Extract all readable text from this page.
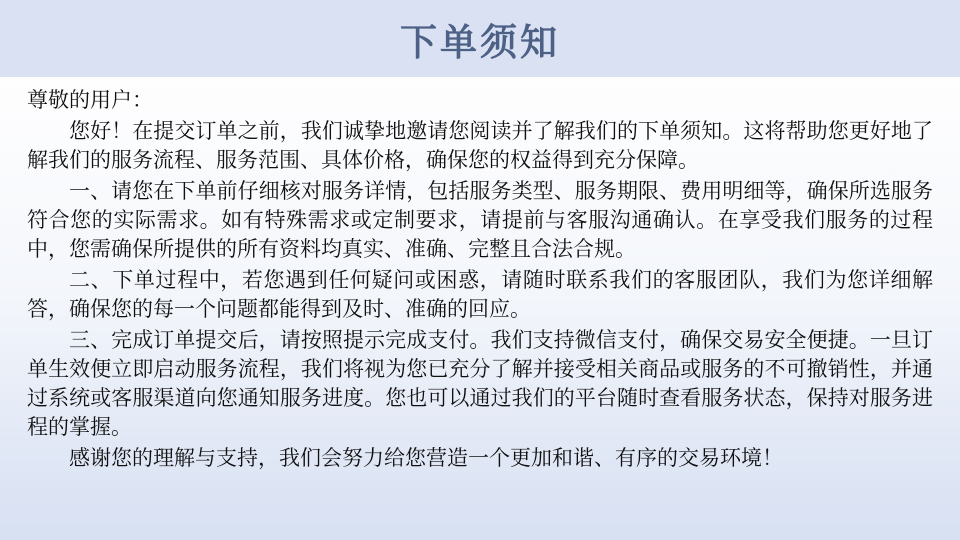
下单须知

尊敬的用户：

您好！在提交订单之前，我们诚挚地邀请您阅读并了解我们的下单须知。这将帮助您更好地了解我们的服务流程、服务范围、具体价格，确保您的权益得到充分保障。

一、请您在下单前仔细核对服务详情，包括服务类型、服务期限、费用明细等，确保所选服务符合您的实际需求。如有特殊需求或定制要求，请提前与客服沟通确认。在享受我们服务的过程中，您需确保所提供的所有资料均真实、准确、完整且合法合规。

二、下单过程中，若您遇到任何疑问或困惑，请随时联系我们的客服团队，我们为您详细解答，确保您的每一个问题都能得到及时、准确的回应。

三、完成订单提交后，请按照提示完成支付。我们支持微信支付，确保交易安全便捷。一旦订单生效便立即启动服务流程，我们将视为您已充分了解并接受相关商品或服务的不可撤销性，并通过系统或客服渠道向您通知服务进度。您也可以通过我们的平台随时查看服务状态，保持对服务进程的掌握。

感谢您的理解与支持，我们会努力给您营造一个更加和谐、有序的交易环境！
